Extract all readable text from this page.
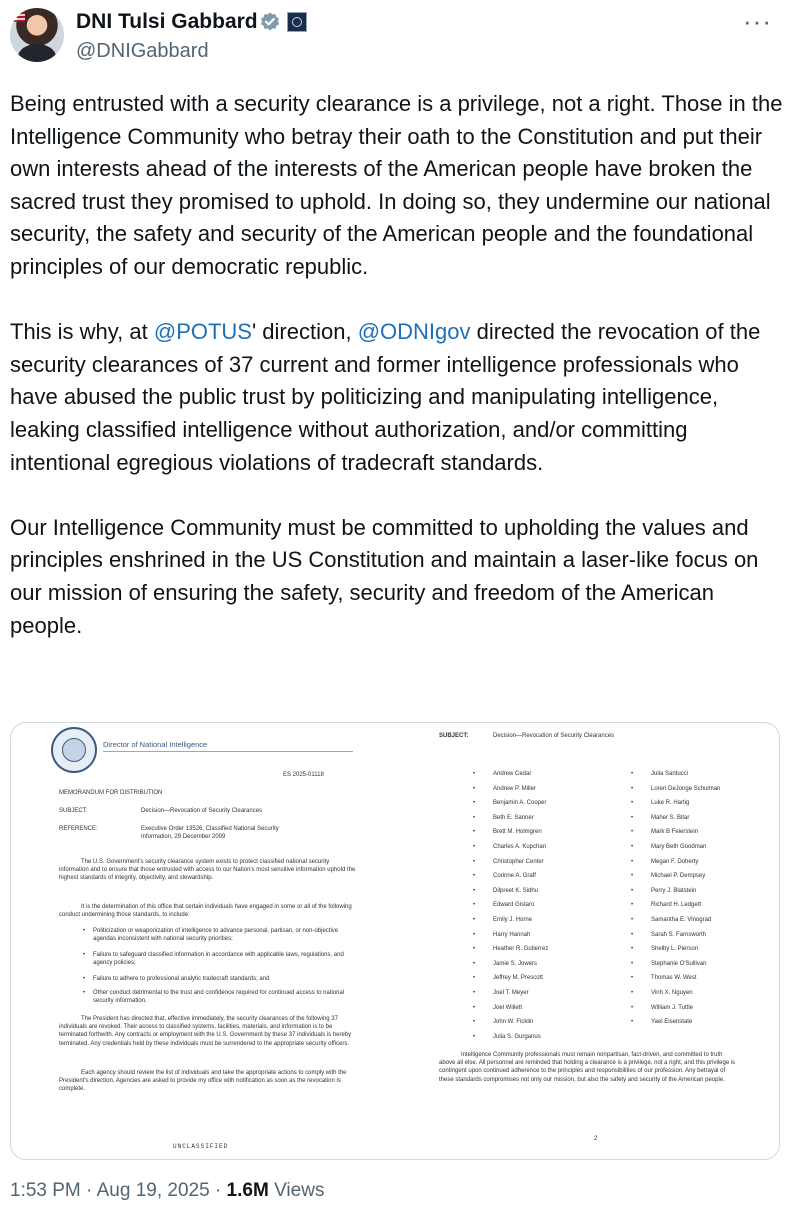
DNI Tulsi Gabbard
@DNIGabbard
···

Being entrusted with a security clearance is a privilege, not a right. Those in the Intelligence Community who betray their oath to the Constitution and put their own interests ahead of the interests of the American people have broken the sacred trust they promised to uphold. In doing so, they undermine our national security, the safety and security of the American people and the foundational principles of our democratic republic.

This is why, at @POTUS' direction, @ODNIgov directed the revocation of the security clearances of 37 current and former intelligence professionals who have abused the public trust by politicizing and manipulating intelligence, leaking classified intelligence without authorization, and/or committing intentional egregious violations of tradecraft standards.

Our Intelligence Community must be committed to upholding the values and principles enshrined in the US Constitution and maintain a laser-like focus on our mission of ensuring the safety, security and freedom of the American people.

Director of National Intelligence
ES 2025-01118
MEMORANDUM FOR DISTRIBUTION
SUBJECT:	Decision—Revocation of Security Clearances
REFERENCE:	Executive Order 13526, Classified National Security
Information, 29 December 2009
The U.S. Government's security clearance system exists to protect classified national security information and to ensure that those entrusted with access to our Nation's most sensitive information uphold the highest standards of integrity, objectivity, and stewardship.
It is the determination of this office that certain individuals have engaged in some or all of the following conduct undermining those standards, to include:
• Politicization or weaponization of intelligence to advance personal, partisan, or non-objective agendas inconsistent with national security priorities;
• Failure to safeguard classified information in accordance with applicable laws, regulations, and agency policies;
• Failure to adhere to professional analytic tradecraft standards; and
• Other conduct detrimental to the trust and confidence required for continued access to national security information.
The President has directed that, effective immediately, the security clearances of the following 37 individuals are revoked. Their access to classified systems, facilities, materials, and information is to be terminated forthwith. Any contracts or employment with the U.S. Government by these 37 individuals is hereby terminated. Any credentials held by these individuals must be surrendered to the appropriate security officers.
Each agency should review the list of individuals and take the appropriate actions to comply with the President's direction. Agencies are asked to provide my office with notification as soon as the revocation is complete.
UNCLASSIFIED
SUBJECT:	Decision—Revocation of Security Clearances
• Andrew Cedar
• Andrew P. Miller
• Benjamin A. Cooper
• Beth E. Sanner
• Brett M. Holmgren
• Charles A. Kupchan
• Christopher Center
• Corinne A. Graff
• Dilpreet K. Sidhu
• Edward Gistaro
• Emily J. Horne
• Harry Hannah
• Heather R. Gutierrez
• Jamie S. Jowers
• Jeffrey M. Prescott
• Joel T. Meyer
• Joel Willett
• John W. Ficklin
• Julia S. Gurganus
• Julia Santucci
• Loren DeJonge Schulman
• Luke R. Hartig
• Maher S. Bitar
• Mark B Feierstein
• Mary Beth Goodman
• Megan F. Doherty
• Michael P. Dempsey
• Perry J. Blatstein
• Richard H. Ledgett
• Samantha E. Vinograd
• Sarah S. Farnsworth
• Shelby L. Pierson
• Stephanie O'Sullivan
• Thomas W. West
• Vinh X. Nguyen
• William J. Tuttle
• Yael Eisenstate
Intelligence Community professionals must remain nonpartisan, fact-driven, and committed to truth above all else. All personnel are reminded that holding a clearance is a privilege, not a right, and this privilege is contingent upon continued adherence to the principles and responsibilities of our profession. Any betrayal of these standards compromises not only our mission, but also the safety and security of the American people.
2
1:53 PM · Aug 19, 2025 · 1.6M Views
